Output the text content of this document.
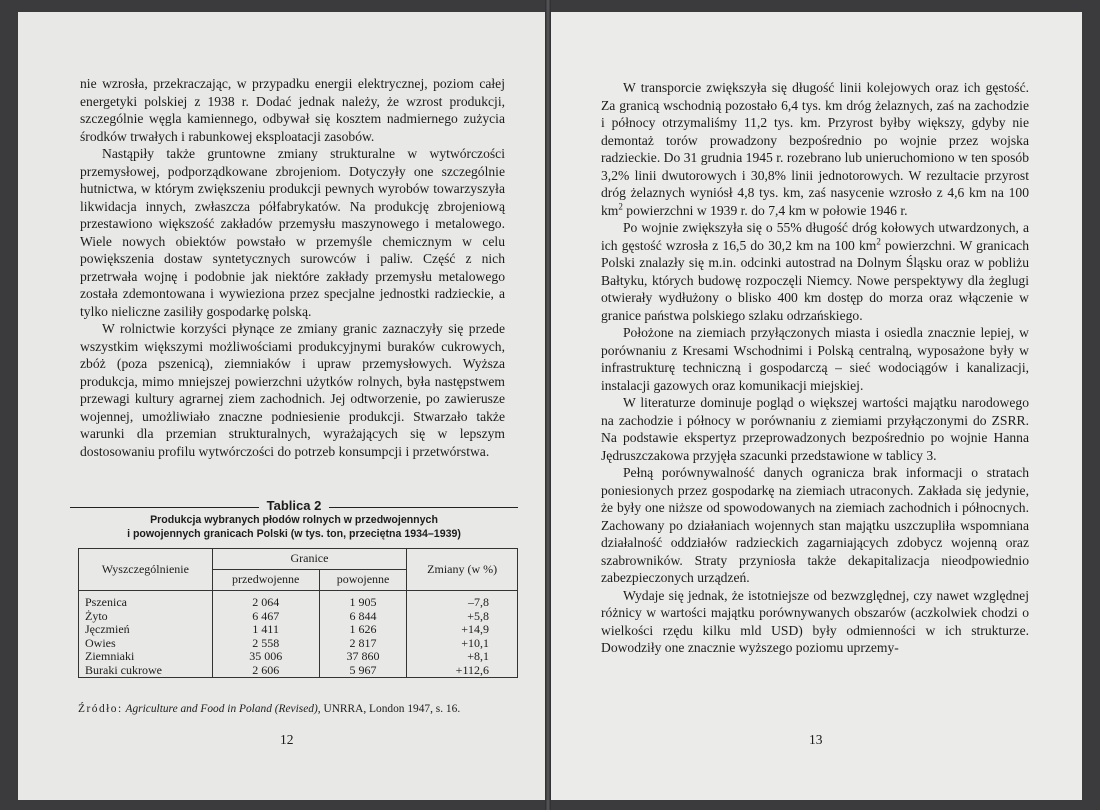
nie wzrosła, przekraczając, w przypadku energii elektrycznej, poziom całej energetyki polskiej z 1938 r. Dodać jednak należy, że wzrost produkcji, szczególnie węgla kamiennego, odbywał się kosztem nadmiernego zużycia środków trwałych i rabunkowej eksploatacji zasobów.

Nastąpiły także gruntowne zmiany strukturalne w wytwórczości przemysłowej, podporządkowane zbrojeniom. Dotyczyły one szczególnie hutnictwa, w którym zwiększeniu produkcji pewnych wyrobów towarzyszyła likwidacja innych, zwłaszcza półfabrykatów. Na produkcję zbrojeniową przestawiono większość zakładów przemysłu maszynowego i metalowego. Wiele nowych obiektów powstało w przemyśle chemicznym w celu powiększenia dostaw syntetycznych surowców i paliw. Część z nich przetrwała wojnę i podobnie jak niektóre zakłady przemysłu metalowego została zdemontowana i wywieziona przez specjalne jednostki radzieckie, a tylko nieliczne zasiliły gospodarkę polską.

W rolnictwie korzyści płynące ze zmiany granic zaznaczyły się przede wszystkim większymi możliwościami produkcyjnymi buraków cukrowych, zbóż (poza pszenicą), ziemniaków i upraw przemysłowych. Wyższa produkcja, mimo mniejszej powierzchni użytków rolnych, była następstwem przewagi kultury agrarnej ziem zachodnich. Jej odtworzenie, po zawierusze wojennej, umożliwiało znaczne podniesienie produkcji. Stwarzało także warunki dla przemian strukturalnych, wyrażających się w lepszym dostosowaniu profilu wytwórczości do potrzeb konsumpcji i przetwórstwa.

Tablica 2
Produkcja wybranych płodów rolnych w przedwojennych
i powojennych granicach Polski (w tys. ton, przeciętna 1934–1939)
Wyszczególnienie	Granice		Zmiany (w %)
	przedwojenne	powojenne	
Pszenica	2 064	1 905	–7,8
Żyto	6 467	6 844	+5,8
Jęczmień	1 411	1 626	+14,9
Owies	2 558	2 817	+10,1
Ziemniaki	35 006	37 860	+8,1
Buraki cukrowe	2 606	5 967	+112,6
Źródło: Agriculture and Food in Poland (Revised), UNRRA, London 1947, s. 16.
12

W transporcie zwiększyła się długość linii kolejowych oraz ich gęstość. Za granicą wschodnią pozostało 6,4 tys. km dróg żelaznych, zaś na zachodzie i północy otrzymaliśmy 11,2 tys. km. Przyrost byłby większy, gdyby nie demontaż torów prowadzony bezpośrednio po wojnie przez wojska radzieckie. Do 31 grudnia 1945 r. rozebrano lub unieruchomiono w ten sposób 3,2% linii dwutorowych i 30,8% linii jednotorowych. W rezultacie przyrost dróg żelaznych wyniósł 4,8 tys. km, zaś nasycenie wzrosło z 4,6 km na 100 $km^2$ powierzchni w 1939 r. do 7,4 km w połowie 1946 r.

Po wojnie zwiększyła się o 55% długość dróg kołowych utwardzonych, a ich gęstość wzrosła z 16,5 do 30,2 km na 100 $km^2$ powierzchni. W granicach Polski znalazły się m.in. odcinki autostrad na Dolnym Śląsku oraz w pobliżu Bałtyku, których budowę rozpoczęli Niemcy. Nowe perspektywy dla żeglugi otwierały wydłużony o blisko 400 km dostęp do morza oraz włączenie w granice państwa polskiego szlaku odrzańskiego.

Położone na ziemiach przyłączonych miasta i osiedla znacznie lepiej, w porównaniu z Kresami Wschodnimi i Polską centralną, wyposażone były w infrastrukturę techniczną i gospodarczą – sieć wodociągów i kanalizacji, instalacji gazowych oraz komunikacji miejskiej.

W literaturze dominuje pogląd o większej wartości majątku narodowego na zachodzie i północy w porównaniu z ziemiami przyłączonymi do ZSRR. Na podstawie ekspertyz przeprowadzonych bezpośrednio po wojnie Hanna Jędruszczakowa przyjęła szacunki przedstawione w tablicy 3.

Pełną porównywalność danych ogranicza brak informacji o stratach poniesionych przez gospodarkę na ziemiach utraconych. Zakłada się jedynie, że były one niższe od spowodowanych na ziemiach zachodnich i północnych. Zachowany po działaniach wojennych stan majątku uszczupliła wspomniana działalność oddziałów radzieckich zagarniających zdobycz wojenną oraz szabrowników. Straty przyniosła także dekapitalizacja nieodpowiednio zabezpieczonych urządzeń.

Wydaje się jednak, że istotniejsze od bezwzględnej, czy nawet względnej różnicy w wartości majątku porównywanych obszarów (aczkolwiek chodzi o wielkości rzędu kilku mld USD) były odmienności w ich strukturze. Dowodziły one znacznie wyższego poziomu uprzemy-

13
